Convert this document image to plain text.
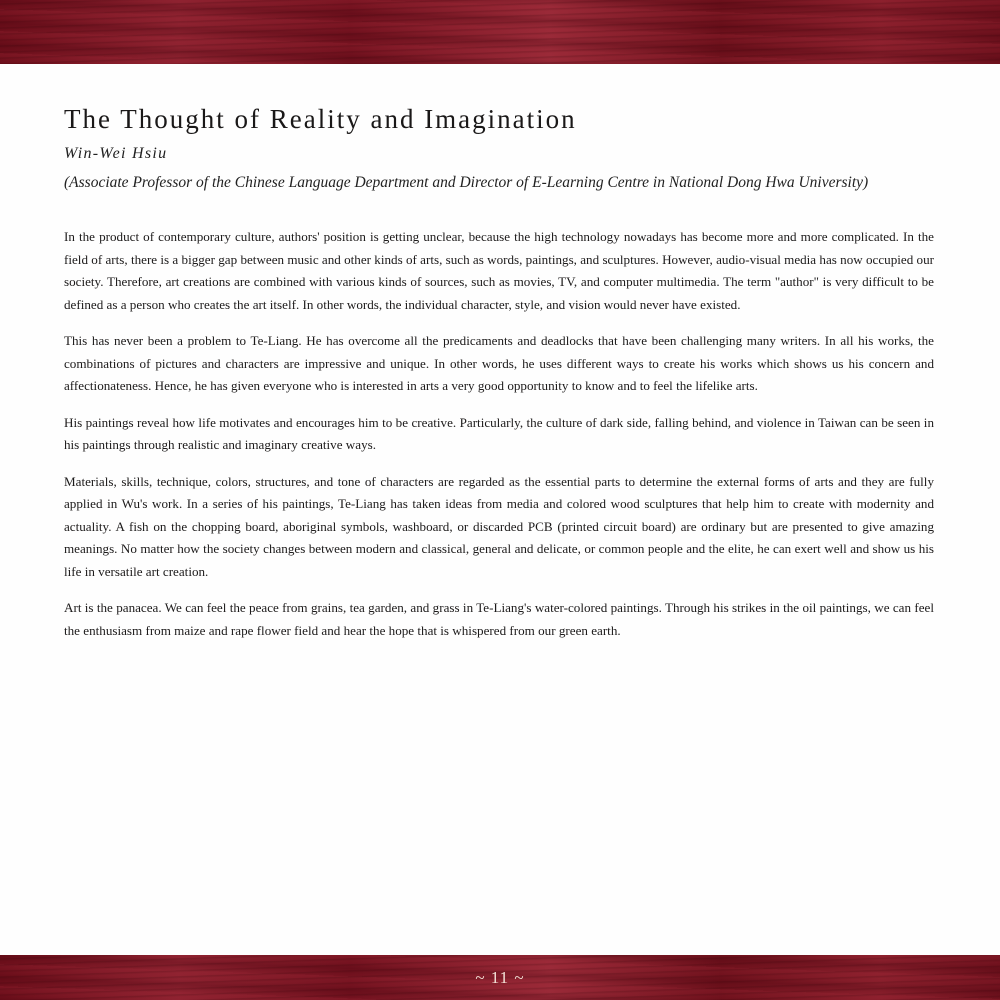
The Thought of Reality and Imagination
Win-Wei Hsiu
(Associate Professor of the Chinese Language Department and Director of E-Learning Centre in National Dong Hwa University)

In the product of contemporary culture, authors' position is getting unclear, because the high technology nowadays has become more and more complicated. In the field of arts, there is a bigger gap between music and other kinds of arts, such as words, paintings, and sculptures. However, audio-visual media has now occupied our society. Therefore, art creations are combined with various kinds of sources, such as movies, TV, and computer multimedia. The term "author" is very difficult to be defined as a person who creates the art itself. In other words, the individual character, style, and vision would never have existed.

This has never been a problem to Te-Liang. He has overcome all the predicaments and deadlocks that have been challenging many writers. In all his works, the combinations of pictures and characters are impressive and unique. In other words, he uses different ways to create his works which shows us his concern and affectionateness. Hence, he has given everyone who is interested in arts a very good opportunity to know and to feel the lifelike arts.

His paintings reveal how life motivates and encourages him to be creative. Particularly, the culture of dark side, falling behind, and violence in Taiwan can be seen in his paintings through realistic and imaginary creative ways.

Materials, skills, technique, colors, structures, and tone of characters are regarded as the essential parts to determine the external forms of arts and they are fully applied in Wu's work. In a series of his paintings, Te-Liang has taken ideas from media and colored wood sculptures that help him to create with modernity and actuality. A fish on the chopping board, aboriginal symbols, washboard, or discarded PCB (printed circuit board) are ordinary but are presented to give amazing meanings. No matter how the society changes between modern and classical, general and delicate, or common people and the elite, he can exert well and show us his life in versatile art creation.

Art is the panacea. We can feel the peace from grains, tea garden, and grass in Te-Liang's water-colored paintings. Through his strikes in the oil paintings, we can feel the enthusiasm from maize and rape flower field and hear the hope that is whispered from our green earth.

~ 11 ~
